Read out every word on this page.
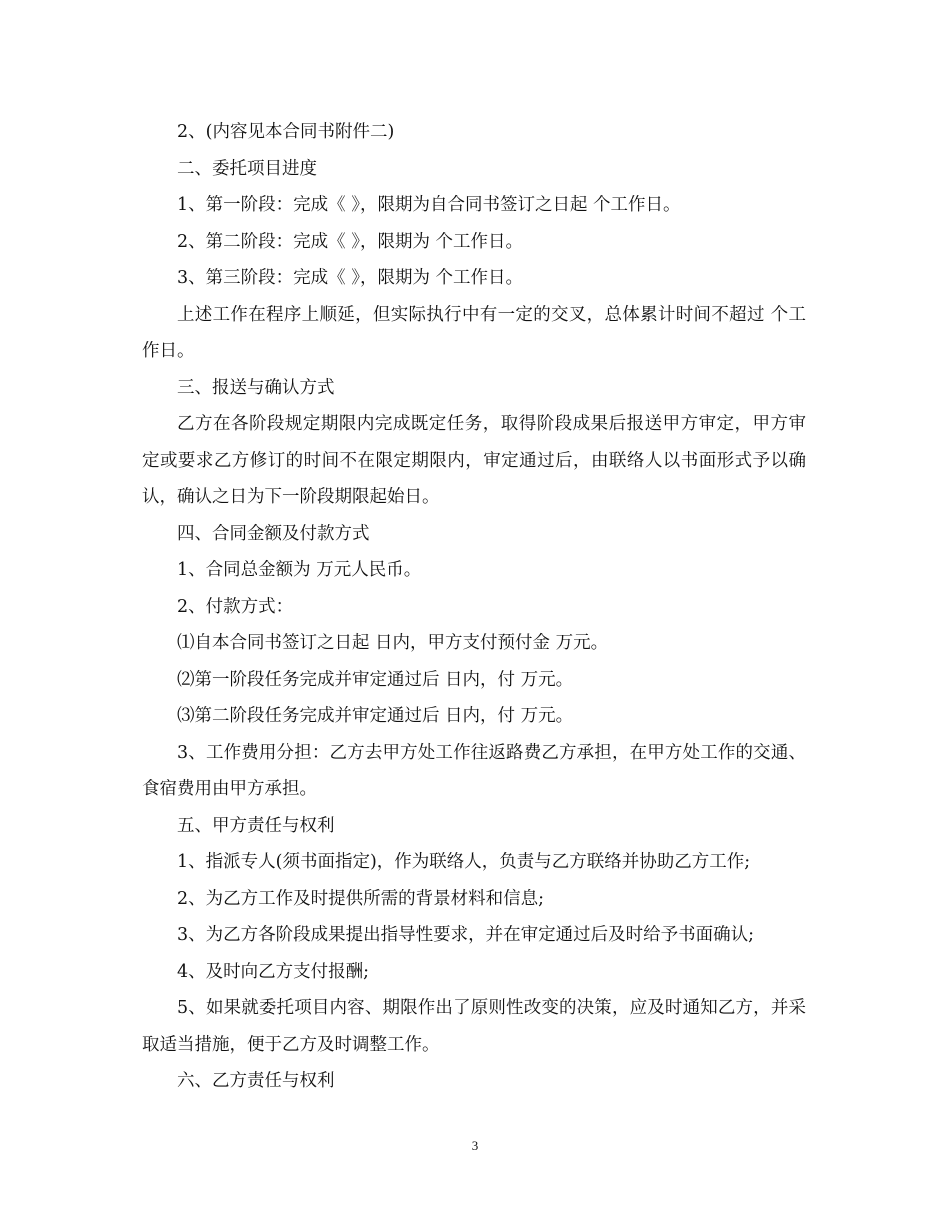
2、(内容见本合同书附件二)

二、委托项目进度

1、第一阶段：完成《 》，限期为自合同书签订之日起 个工作日。

2、第二阶段：完成《 》，限期为 个工作日。

3、第三阶段：完成《 》，限期为 个工作日。

上述工作在程序上顺延，但实际执行中有一定的交叉，总体累计时间不超过 个工作日。

三、报送与确认方式

乙方在各阶段规定期限内完成既定任务，取得阶段成果后报送甲方审定，甲方审定或要求乙方修订的时间不在限定期限内，审定通过后，由联络人以书面形式予以确认，确认之日为下一阶段期限起始日。

四、合同金额及付款方式

1、合同总金额为 万元人民币。

2、付款方式：

⑴自本合同书签订之日起 日内，甲方支付预付金 万元。

⑵第一阶段任务完成并审定通过后 日内，付 万元。

⑶第二阶段任务完成并审定通过后 日内，付 万元。

3、工作费用分担：乙方去甲方处工作往返路费乙方承担，在甲方处工作的交通、食宿费用由甲方承担。

五、甲方责任与权利

1、指派专人(须书面指定)，作为联络人，负责与乙方联络并协助乙方工作;

2、为乙方工作及时提供所需的背景材料和信息;

3、为乙方各阶段成果提出指导性要求，并在审定通过后及时给予书面确认;

4、及时向乙方支付报酬;

5、如果就委托项目内容、期限作出了原则性改变的决策，应及时通知乙方，并采取适当措施，便于乙方及时调整工作。

六、乙方责任与权利

3
